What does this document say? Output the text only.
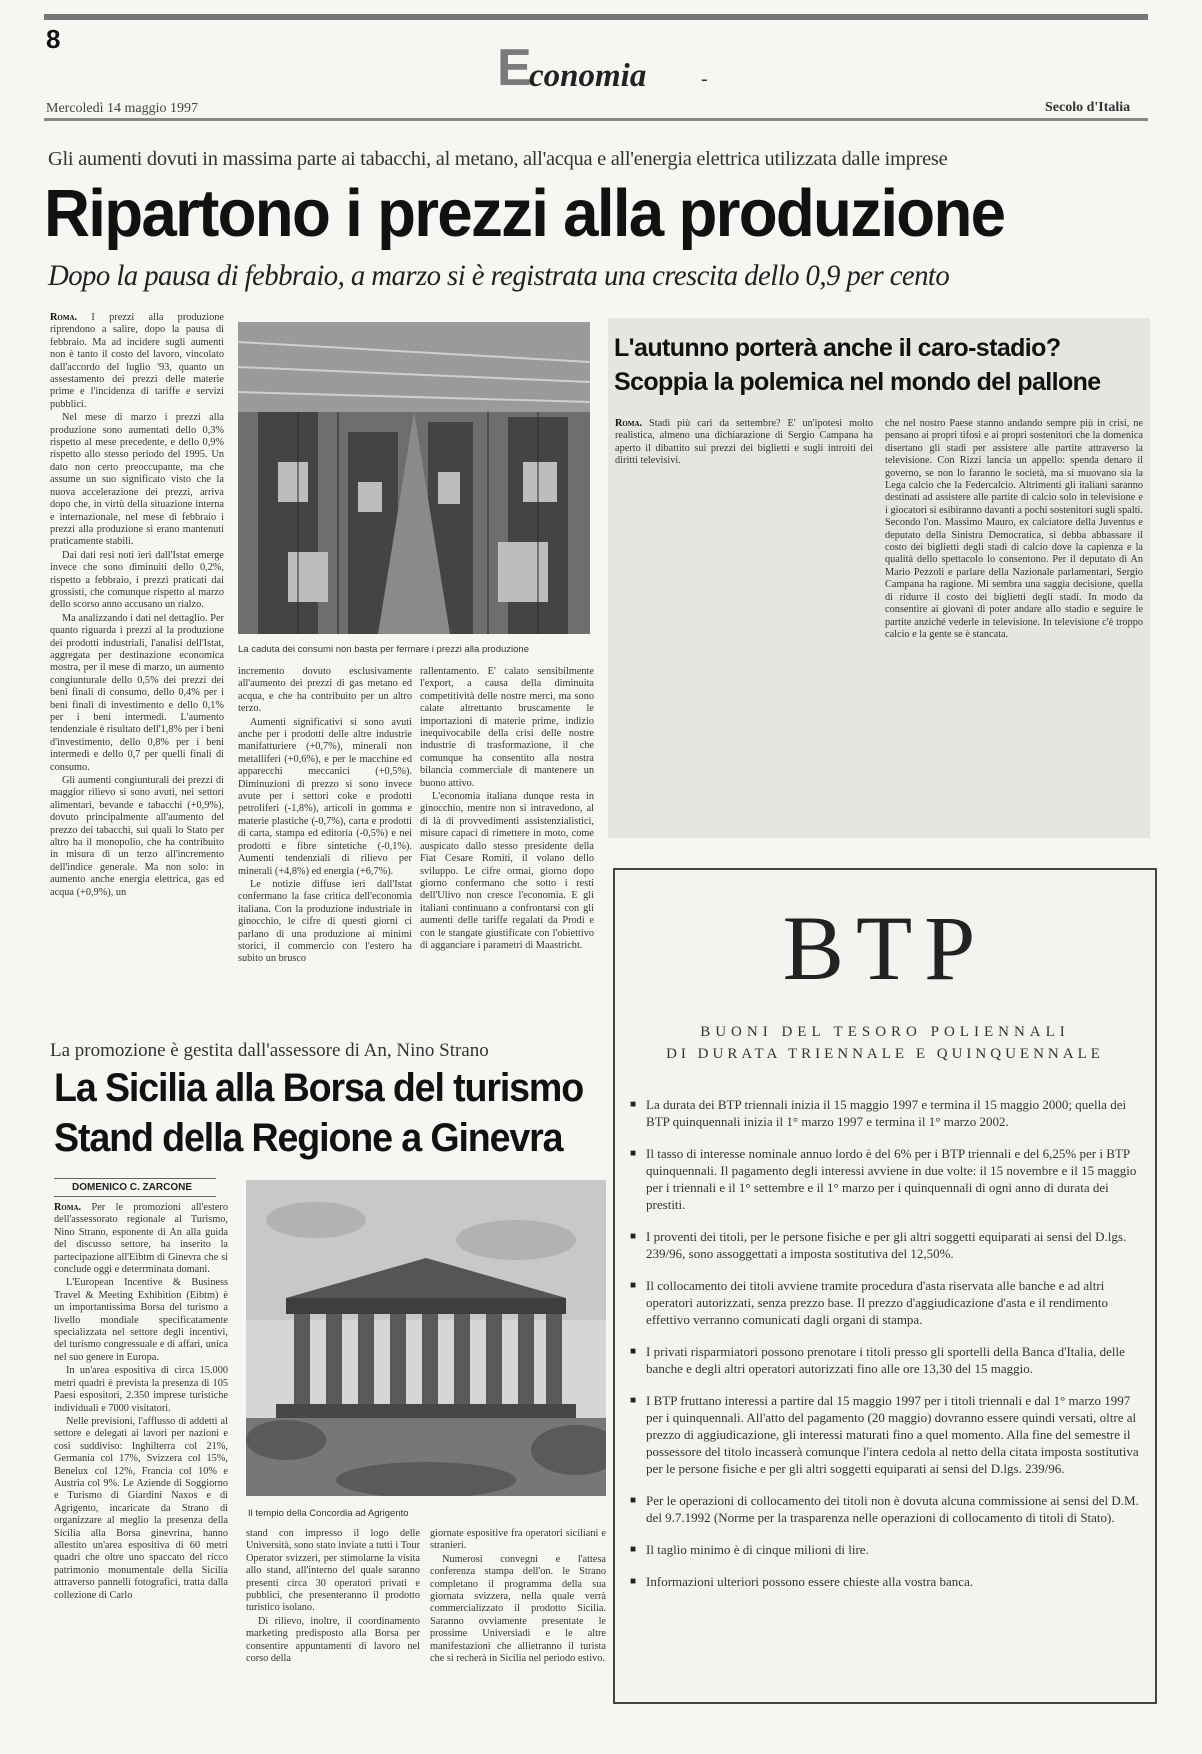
8	E
conomia	-
Mercoledì 14 maggio 1997	Secolo d'Italia
Gli aumenti dovuti in massima parte ai tabacchi, al metano, all'acqua e all'energia elettrica utilizzata dalle imprese
Ripartono i prezzi alla produzione
Dopo la pausa di febbraio, a marzo si è registrata una crescita dello 0,9 per cento

Roma. I prezzi alla produzione riprendono a salire, dopo la pausa di febbraio. Ma ad incidere sugli aumenti non è tanto il costo del lavoro, vincolato dall'accordo del luglio '93, quanto un assestamento dei prezzi delle materie prime e l'incidenza di tariffe e servizi pubblici.

Nel mese di marzo i prezzi alla produzione sono aumentati dello 0,3% rispetto al mese precedente, e dello 0,9% rispetto allo stesso periodo del 1995. Un dato non certo preoccupante, ma che assume un suo significato visto che la nuova accelerazione dei prezzi, arriva dopo che, in virtù della situazione interna e internazionale, nel mese di febbraio i prezzi alla produzione si erano mantenuti praticamente stabili.

Dai dati resi noti ieri dall'Istat emerge invece che sono diminuiti dello 0,2%, rispetto a febbraio, i prezzi praticati dai grossisti, che comunque rispetto al marzo dello scorso anno accusano un rialzo.

Ma analizzando i dati nel dettaglio. Per quanto riguarda i prezzi al la produzione dei prodotti industriali, l'analisi dell'Istat, aggregata per destinazione economica mostra, per il mese di marzo, un aumento congiunturale dello 0,5% dei prezzi dei beni finali di consumo, dello 0,4% per i beni finali di investimento e dello 0,1% per i beni intermedi. L'aumento tendenziale è risultato dell'1,8% per i beni d'investimento, dello 0,8% per i beni intermedi e dello 0,7 per quelli finali di consumo.

Gli aumenti congiunturali dei prezzi di maggior rilievo si sono avuti, nei settori alimentari, bevande e tabacchi (+0,9%), dovuto principalmente all'aumento del prezzo dei tabacchi, sui quali lo Stato per altro ha il monopolio, che ha contribuito in misura di un terzo all'incremento dell'indice generale. Ma non solo: in aumento anche energia elettrica, gas ed acqua (+0,9%), un

La caduta dei consumi non basta per fermare i prezzi alla produzione

incremento dovuto esclusivamente all'aumento dei prezzi di gas metano ed acqua, e che ha contribuito per un altro terzo.

Aumenti significativi si sono avuti anche per i prodotti delle altre industrie manifatturiere (+0,7%), minerali non metalliferi (+0,6%), e per le macchine ed apparecchi meccanici (+0,5%). Diminuzioni di prezzo si sono invece avute per i settori coke e prodotti petroliferi (-1,8%), articoli in gomma e materie plastiche (-0,7%), carta e prodotti di carta, stampa ed editoria (-0,5%) e nei prodotti e fibre sintetiche (-0,1%). Aumenti tendenziali di rilievo per minerali (+4,8%) ed energia (+6,7%).

Le notizie diffuse ieri dall'Istat confermano la fase critica dell'economia italiana. Con la produzione industriale in ginocchio, le cifre di questi giorni ci parlano di una produzione ai minimi storici, il commercio con l'estero ha subito un brusco

rallentamento. E' calato sensibilmente l'export, a causa della diminuita competitività delle nostre merci, ma sono calate altrettanto bruscamente le importazioni di materie prime, indizio inequivocabile della crisi delle nostre industrie di trasformazione, il che comunque ha consentito alla nostra bilancia commerciale di mantenere un buono attivo.

L'economia italiana dunque resta in ginocchio, mentre non si intravedono, al di là di provvedimenti assistenzialistici, misure capaci di rimettere in moto, come auspicato dallo stesso presidente della Fiat Cesare Romiti, il volano dello sviluppo. Le cifre ormai, giorno dopo giorno confermano che sotto i resti dell'Ulivo non cresce l'economia. E gli italiani continuano a confrontarsi con gli aumenti delle tariffe regalati da Prodi e con le stangate giustificate con l'obiettivo di agganciare i parametri di Maastricht.

L'autunno porterà anche il caro-stadio?
Scoppia la polemica nel mondo del pallone

Roma. Stadi più cari da settembre? E' un'ipotesi molto realistica, almeno una dichiarazione di Sergio Campana ha aperto il dibattito sui prezzi dei biglietti e sugli introiti dei diritti televisivi.

che nel nostro Paese stanno andando sempre più in crisi, ne pensano ai propri tifosi e ai propri sostenitori che la domenica disertano gli stadi per assistere alle partite attraverso la televisione. Con Rizzi lancia un appello: spenda denaro il governo, se non lo faranno le società, ma si muovano sia la Lega calcio che la Federcalcio. Altrimenti gli italiani saranno destinati ad assistere alle partite di calcio solo in televisione e i giocatori si esibiranno davanti a pochi sostenitori sugli spalti. Secondo l'on. Massimo Mauro, ex calciatore della Juventus e deputato della Sinistra Democratica, si debba abbassare il costo dei biglietti degli stadi di calcio dove la capienza e la qualità dello spettacolo lo consentono. Per il deputato di An Mario Pezzoli e parlare della Nazionale parlamentari, Sergio Campana ha ragione. Mi sembra una saggia decisione, quella di ridurre il costo dei biglietti degli stadi. In modo da consentire ai giovani di poter andare allo stadio e seguire le partite anziché vederle in televisione. In televisione c'è troppo calcio e la gente se è stancata.

La promozione è gestita dall'assessore di An, Nino Strano
La Sicilia alla Borsa del turismo
Stand della Regione a Ginevra
DOMENICO C. ZARCONE

Roma. Per le promozioni all'estero dell'assessorato regionale al Turismo, Nino Strano, esponente di An alla guida del discusso settore, ha inserito la partecipazione all'Eibtm di Ginevra che si conclude oggi e deterrminata domani.

L'European Incentive & Business Travel & Meeting Exhibition (Eibtm) è un importantissima Borsa del turismo a livello mondiale specificatamente specializzata nel settore degli incentivi, del turismo congressuale e di affari, unica nel suo genere in Europa.

In un'area espositiva di circa 15.000 metri quadri è prevista la presenza di 105 Paesi espositori, 2.350 imprese turistiche individuali e 7000 visitatori.

Nelle previsioni, l'afflusso di addetti al settore e delegati ai lavori per nazioni e così suddiviso: Inghilterra col 21%, Germania col 17%, Svizzera col 15%, Benelux col 12%, Francia col 10% e Austria col 9%. Le Aziende di Soggiorno e Turismo di Giardini Naxos e di Agrigento, incaricate da Strano di organizzare al meglio la presenza della Sicilia alla Borsa ginevrina, hanno allestito un'area espositiva di 60 metri quadri che oltre uno spaccato del ricco patrimonio monumentale della Sicilia attraverso pannelli fotografici, tratta dalla collezione di Carlo

Il tempio della Concordia ad Agrigento

stand con impresso il logo delle Università, sono stato inviate a tutti i Tour Operator svizzeri, per stimolarne la visita allo stand, all'interno del quale saranno presenti circa 30 operatori privati e pubblici, che presenteranno il prodotto turistico isolano.

Di rilievo, inoltre, il coordinamento marketing predisposto alla Borsa per consentire appuntamenti di lavoro nel corso della

giornate espositive fra operatori siciliani e stranieri.

Numerosi convegni e l'attesa conferenza stampa dell'on. le Strano completano il programma della sua giornata svizzera, nella quale verrà commercializzato il prodotto Sicilia. Saranno ovviamente presentate le prossime Universiadi e le altre manifestazioni che allietranno il turista che si recherà in Sicilia nel periodo estivo.

BTP
BUONI DEL TESORO POLIENNALI
DI DURATA TRIENNALE E QUINQUENNALE
■ La durata dei BTP triennali inizia il 15 maggio 1997 e termina il 15 maggio 2000; quella dei BTP quinquennali inizia il 1° marzo 1997 e termina il 1° marzo 2002.
■ Il tasso di interesse nominale annuo lordo è del 6% per i BTP triennali e del 6,25% per i BTP quinquennali. Il pagamento degli interessi avviene in due volte: il 15 novembre e il 15 maggio per i triennali e il 1° settembre e il 1° marzo per i quinquennali di ogni anno di durata dei prestiti.
■ I proventi dei titoli, per le persone fisiche e per gli altri soggetti equiparati ai sensi del D.lgs. 239/96, sono assoggettati a imposta sostitutiva del 12,50%.
■ Il collocamento dei titoli avviene tramite procedura d'asta riservata alle banche e ad altri operatori autorizzati, senza prezzo base. Il prezzo d'aggiudicazione d'asta e il rendimento effettivo verranno comunicati dagli organi di stampa.
■ I privati risparmiatori possono prenotare i titoli presso gli sportelli della Banca d'Italia, delle banche e degli altri operatori autorizzati fino alle ore 13,30 del 15 maggio.
■ I BTP fruttano interessi a partire dal 15 maggio 1997 per i titoli triennali e dal 1° marzo 1997 per i quinquennali. All'atto del pagamento (20 maggio) dovranno essere quindi versati, oltre al prezzo di aggiudicazione, gli interessi maturati fino a quel momento. Alla fine del semestre il possessore del titolo incasserà comunque l'intera cedola al netto della citata imposta sostitutiva per le persone fisiche e per gli altri soggetti equiparati ai sensi del D.lgs. 239/96.
■ Per le operazioni di collocamento dei titoli non è dovuta alcuna commissione ai sensi del D.M. del 9.7.1992 (Norme per la trasparenza nelle operazioni di collocamento di titoli di Stato).
■ Il taglio minimo è di cinque milioni di lire.
■ Informazioni ulteriori possono essere chieste alla vostra banca.
